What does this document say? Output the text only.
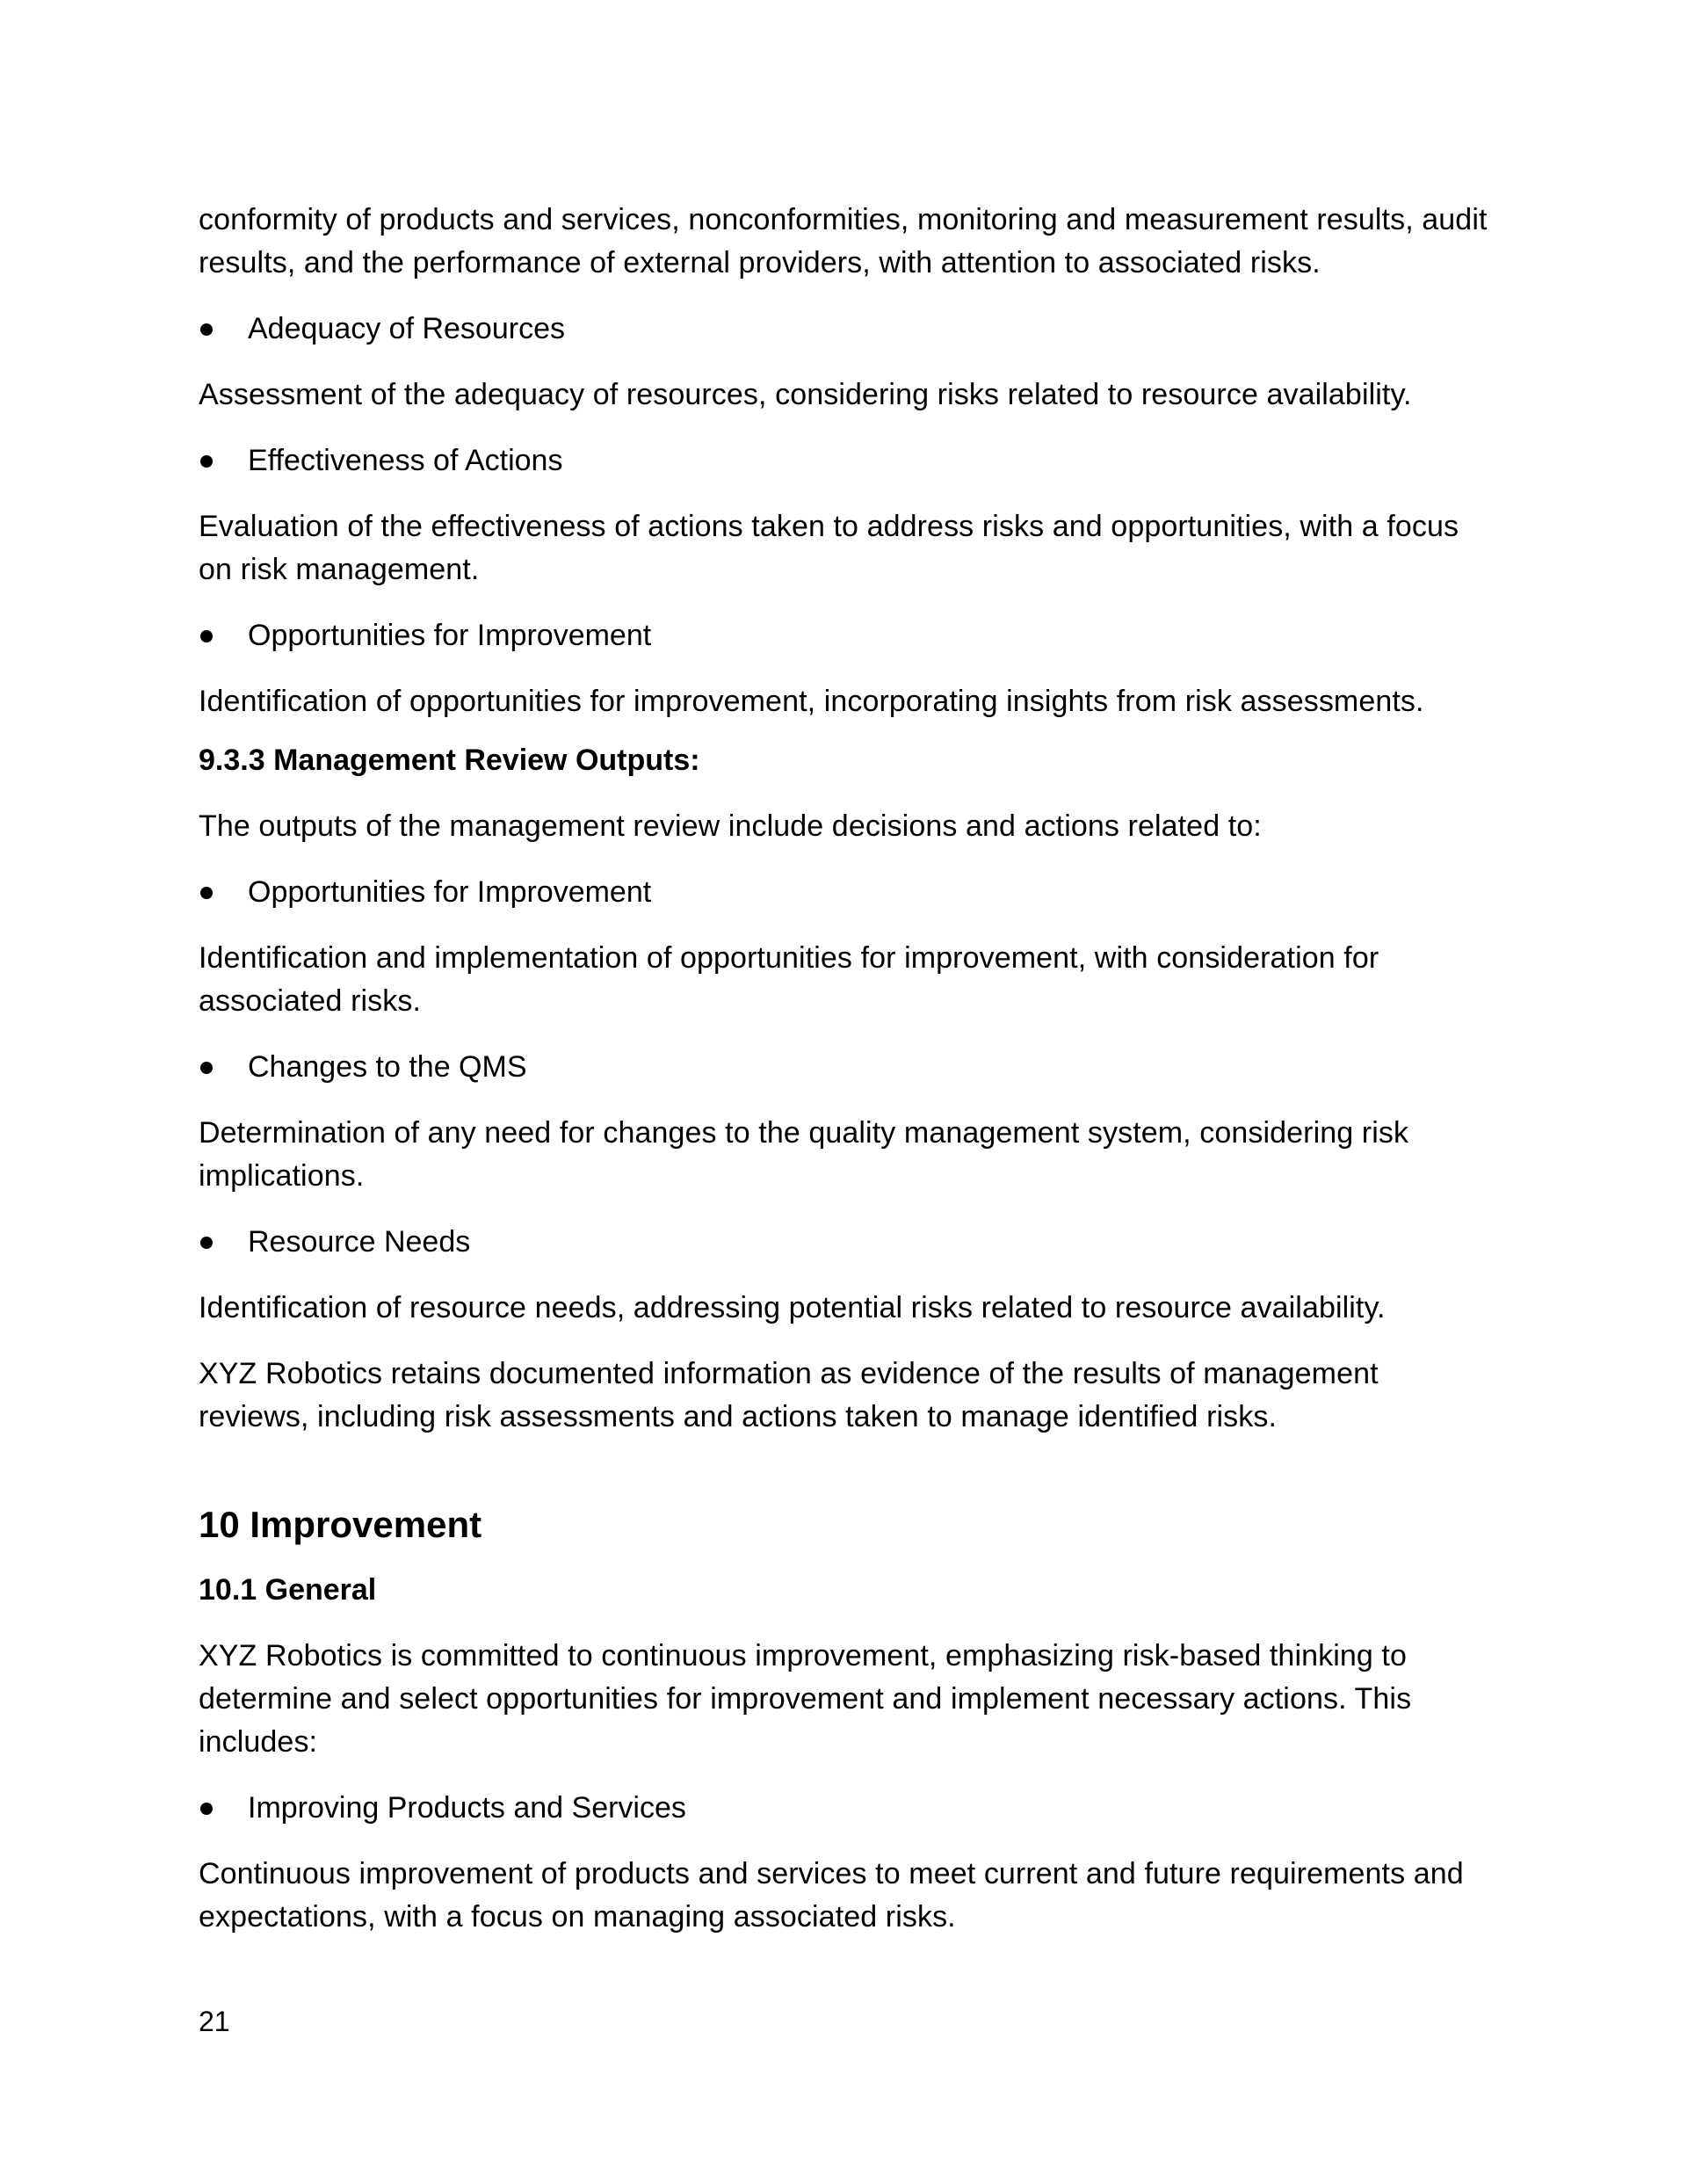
conformity of products and services, nonconformities, monitoring and measurement results, audit results, and the performance of external providers, with attention to associated risks.

Adequacy of Resources

Assessment of the adequacy of resources, considering risks related to resource availability.

Effectiveness of Actions

Evaluation of the effectiveness of actions taken to address risks and opportunities, with a focus on risk management.

Opportunities for Improvement

Identification of opportunities for improvement, incorporating insights from risk assessments.

9.3.3 Management Review Outputs:

The outputs of the management review include decisions and actions related to:

Opportunities for Improvement

Identification and implementation of opportunities for improvement, with consideration for associated risks.

Changes to the QMS

Determination of any need for changes to the quality management system, considering risk implications.

Resource Needs

Identification of resource needs, addressing potential risks related to resource availability.

XYZ Robotics retains documented information as evidence of the results of management reviews, including risk assessments and actions taken to manage identified risks.

10 Improvement
10.1 General

XYZ Robotics is committed to continuous improvement, emphasizing risk-based thinking to determine and select opportunities for improvement and implement necessary actions. This includes:

Improving Products and Services

Continuous improvement of products and services to meet current and future requirements and expectations, with a focus on managing associated risks.

21
